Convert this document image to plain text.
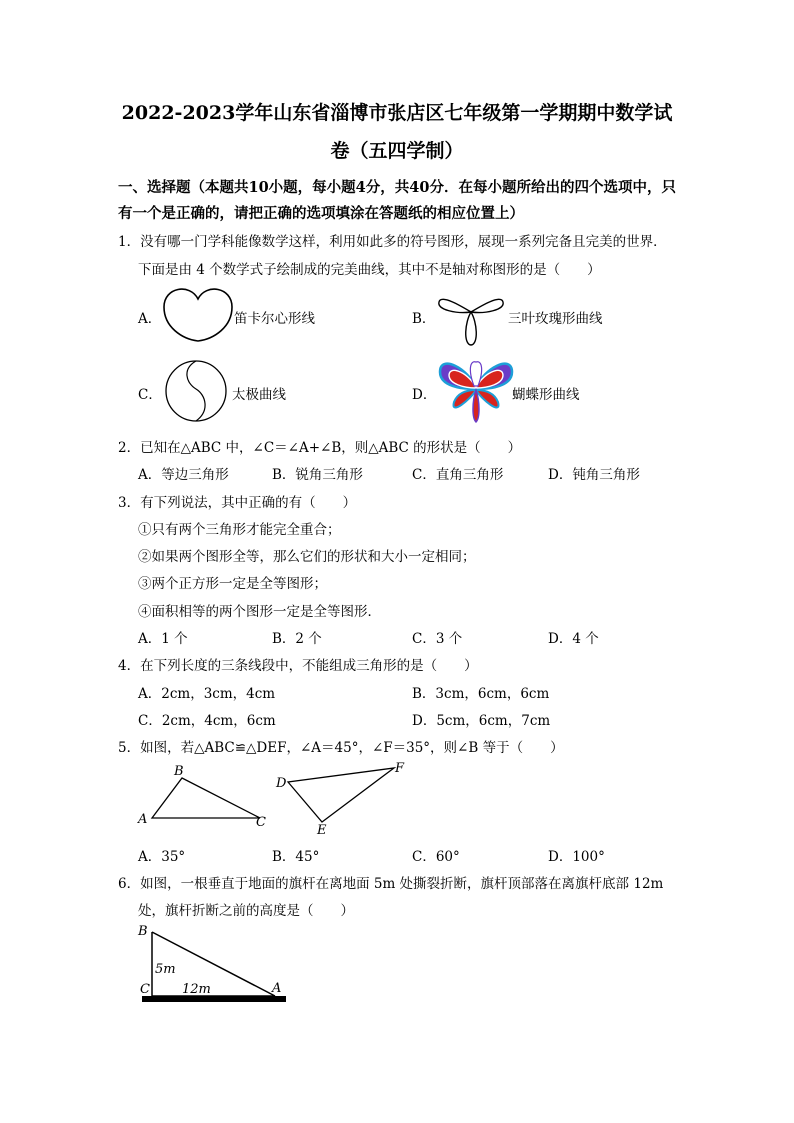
2022-2023学年山东省淄博市张店区七年级第一学期期中数学试
卷（五四学制）
一、选择题（本题共10小题，每小题4分，共40分．在每小题所给出的四个选项中，只
有一个是正确的，请把正确的选项填涂在答题纸的相应位置上）
1．没有哪一门学科能像数学这样，利用如此多的符号图形，展现一系列完备且完美的世界．
下面是由 4 个数学式子绘制成的完美曲线，其中不是轴对称图形的是（　　）
A．	笛卡尔心形线	B．	三叶玫瑰形曲线
C．	太极曲线	D．	蝴蝶形曲线
2．已知在△ABC 中，∠C＝∠A+∠B，则△ABC 的形状是（　　）
A．等边三角形	B．锐角三角形	C．直角三角形	D．钝角三角形
3．有下列说法，其中正确的有（　　）
①只有两个三角形才能完全重合；
②如果两个图形全等，那么它们的形状和大小一定相同；
③两个正方形一定是全等图形；
④面积相等的两个图形一定是全等图形．
A．1 个	B．2 个	C．3 个	D．4 个
4．在下列长度的三条线段中，不能组成三角形的是（　　）
A．2cm，3cm，4cm	B．3cm，6cm，6cm
C．2cm，4cm，6cm	D．5cm，6cm，7cm
5．如图，若△ABC≌△DEF，∠A＝45°，∠F＝35°，则∠B 等于（　　）
A
B
C
D
E
F
A．35°	B．45°	C．60°	D．100°
6．如图，一根垂直于地面的旗杆在离地面 5m 处撕裂折断，旗杆顶部落在离旗杆底部 12m
处，旗杆折断之前的高度是（　　）
B
C	A
5m
12m
